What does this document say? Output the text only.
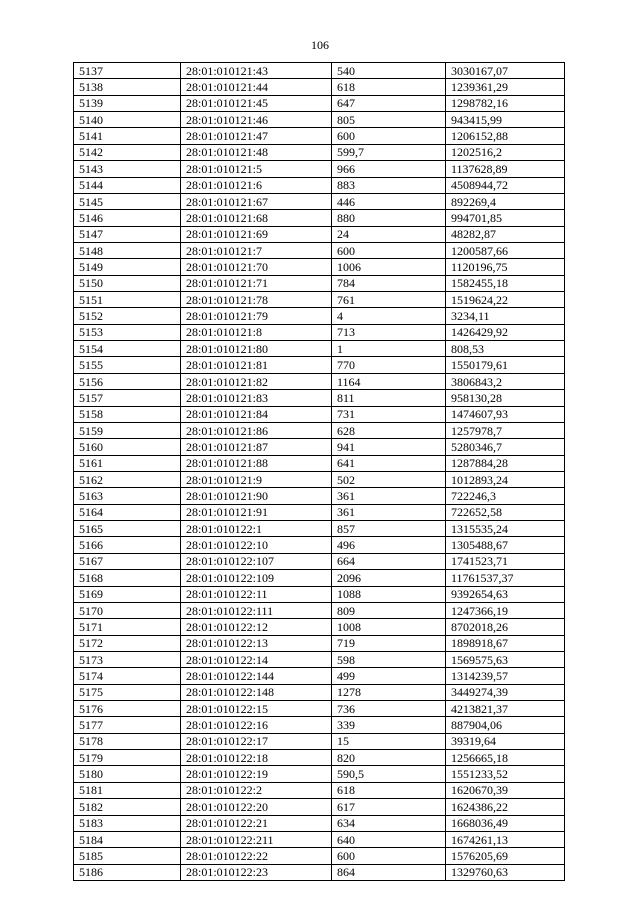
106
5137	28:01:010121:43	540	3030167,07
5138	28:01:010121:44	618	1239361,29
5139	28:01:010121:45	647	1298782,16
5140	28:01:010121:46	805	943415,99
5141	28:01:010121:47	600	1206152,88
5142	28:01:010121:48	599,7	1202516,2
5143	28:01:010121:5	966	1137628,89
5144	28:01:010121:6	883	4508944,72
5145	28:01:010121:67	446	892269,4
5146	28:01:010121:68	880	994701,85
5147	28:01:010121:69	24	48282,87
5148	28:01:010121:7	600	1200587,66
5149	28:01:010121:70	1006	1120196,75
5150	28:01:010121:71	784	1582455,18
5151	28:01:010121:78	761	1519624,22
5152	28:01:010121:79	4	3234,11
5153	28:01:010121:8	713	1426429,92
5154	28:01:010121:80	1	808,53
5155	28:01:010121:81	770	1550179,61
5156	28:01:010121:82	1164	3806843,2
5157	28:01:010121:83	811	958130,28
5158	28:01:010121:84	731	1474607,93
5159	28:01:010121:86	628	1257978,7
5160	28:01:010121:87	941	5280346,7
5161	28:01:010121:88	641	1287884,28
5162	28:01:010121:9	502	1012893,24
5163	28:01:010121:90	361	722246,3
5164	28:01:010121:91	361	722652,58
5165	28:01:010122:1	857	1315535,24
5166	28:01:010122:10	496	1305488,67
5167	28:01:010122:107	664	1741523,71
5168	28:01:010122:109	2096	11761537,37
5169	28:01:010122:11	1088	9392654,63
5170	28:01:010122:111	809	1247366,19
5171	28:01:010122:12	1008	8702018,26
5172	28:01:010122:13	719	1898918,67
5173	28:01:010122:14	598	1569575,63
5174	28:01:010122:144	499	1314239,57
5175	28:01:010122:148	1278	3449274,39
5176	28:01:010122:15	736	4213821,37
5177	28:01:010122:16	339	887904,06
5178	28:01:010122:17	15	39319,64
5179	28:01:010122:18	820	1256665,18
5180	28:01:010122:19	590,5	1551233,52
5181	28:01:010122:2	618	1620670,39
5182	28:01:010122:20	617	1624386,22
5183	28:01:010122:21	634	1668036,49
5184	28:01:010122:211	640	1674261,13
5185	28:01:010122:22	600	1576205,69
5186	28:01:010122:23	864	1329760,63
